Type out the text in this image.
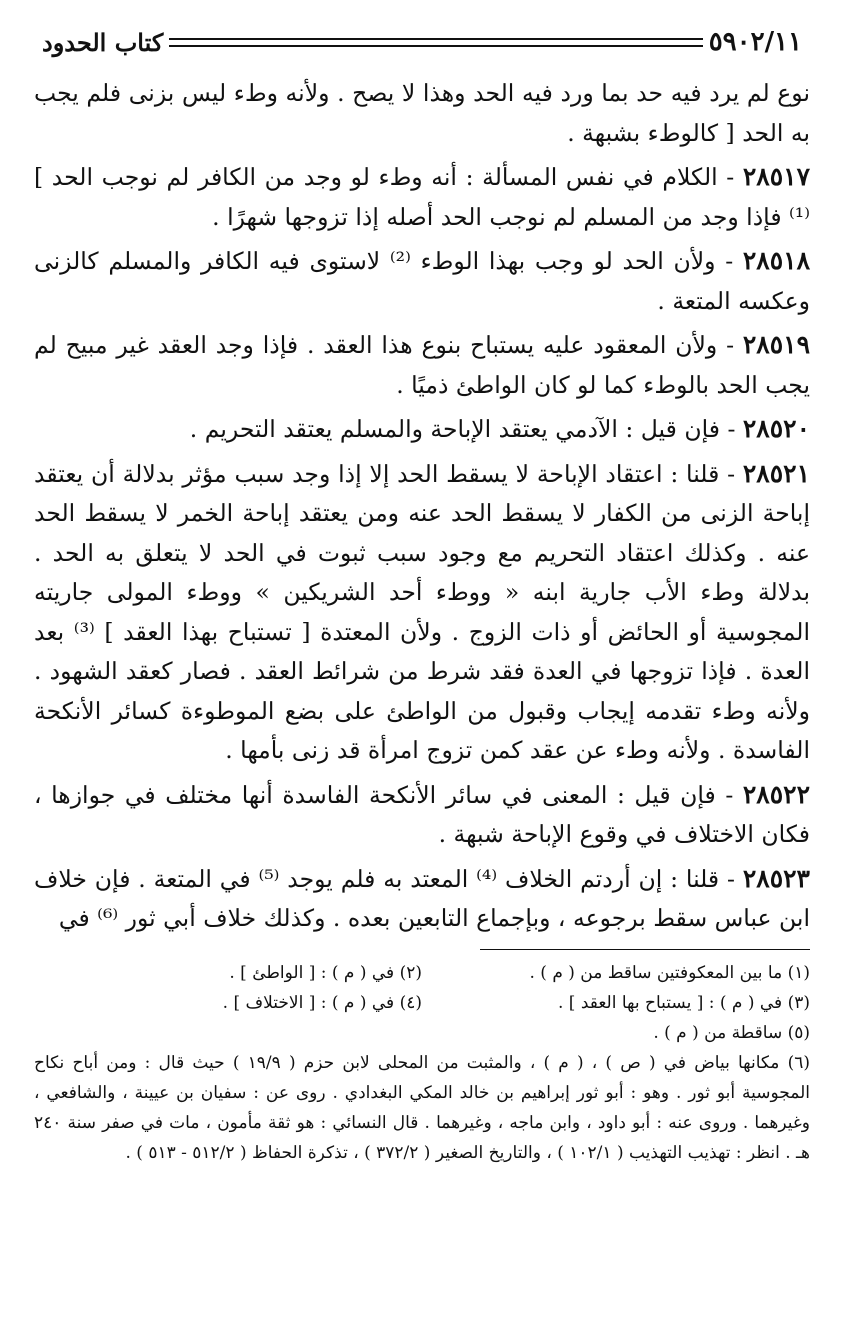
٥٩٠٢/١١
كتاب الحدود

نوع لم يرد فيه حد بما ورد فيه الحد وهذا لا يصح . ولأنه وطء ليس بزنى فلم يجب به الحد [ كالوطء بشبهة .

٢٨٥١٧ - الكلام في نفس المسألة : أنه وطء لو وجد من الكافر لم نوجب الحد ]⁽¹⁾ فإذا وجد من المسلم لم نوجب الحد أصله إذا تزوجها شهرًا .

٢٨٥١٨ - ولأن الحد لو وجب بهذا الوطء ⁽²⁾ لاستوى فيه الكافر والمسلم كالزنى وعكسه المتعة .

٢٨٥١٩ - ولأن المعقود عليه يستباح بنوع هذا العقد . فإذا وجد العقد غير مبيح لم يجب الحد بالوطء كما لو كان الواطئ ذميًا .

٢٨٥٢٠ - فإن قيل : الآدمي يعتقد الإباحة والمسلم يعتقد التحريم .

٢٨٥٢١ - قلنا : اعتقاد الإباحة لا يسقط الحد إلا إذا وجد سبب مؤثر بدلالة أن يعتقد إباحة الزنى من الكفار لا يسقط الحد عنه ومن يعتقد إباحة الخمر لا يسقط الحد عنه . وكذلك اعتقاد التحريم مع وجود سبب ثبوت في الحد لا يتعلق به الحد . بدلالة وطء الأب جارية ابنه « ووطء أحد الشريكين » ووطء المولى جاريته المجوسية أو الحائض أو ذات الزوج . ولأن المعتدة [ تستباح بهذا العقد ] ⁽³⁾ بعد العدة . فإذا تزوجها في العدة فقد شرط من شرائط العقد . فصار كعقد الشهود . ولأنه وطء تقدمه إيجاب وقبول من الواطئ على بضع الموطوءة كسائر الأنكحة الفاسدة . ولأنه وطء عن عقد كمن تزوج امرأة قد زنى بأمها .

٢٨٥٢٢ - فإن قيل : المعنى في سائر الأنكحة الفاسدة أنها مختلف في جوازها ، فكان الاختلاف في وقوع الإباحة شبهة .

٢٨٥٢٣ - قلنا : إن أردتم الخلاف ⁽⁴⁾ المعتد به فلم يوجد ⁽⁵⁾ في المتعة . فإن خلاف ابن عباس سقط برجوعه ، وبإجماع التابعين بعده . وكذلك خلاف أبي ثور ⁽⁶⁾ في

(١) ما بين المعكوفتين ساقط من ( م ) .
(٢) في ( م ) : [ الواطئ ] .
(٣) في ( م ) : [ يستباح بها العقد ] .
(٤) في ( م ) : [ الاختلاف ] .
(٥) ساقطة من ( م ) .
(٦) مكانها بياض في ( ص ) ، ( م ) ، والمثبت من المحلى لابن حزم ( ١٩/٩ ) حيث قال : ومن أباح نكاح المجوسية أبو ثور . وهو : أبو ثور إبراهيم بن خالد المكي البغدادي . روى عن : سفيان بن عيينة ، والشافعي ، وغيرهما . وروى عنه : أبو داود ، وابن ماجه ، وغيرهما . قال النسائي : هو ثقة مأمون ، مات في صفر سنة ٢٤٠ هـ . انظر : تهذيب التهذيب ( ١٠٢/١ ) ، والتاريخ الصغير ( ٣٧٢/٢ ) ، تذكرة الحفاظ ( ٥١٢/٢ - ٥١٣ ) .
